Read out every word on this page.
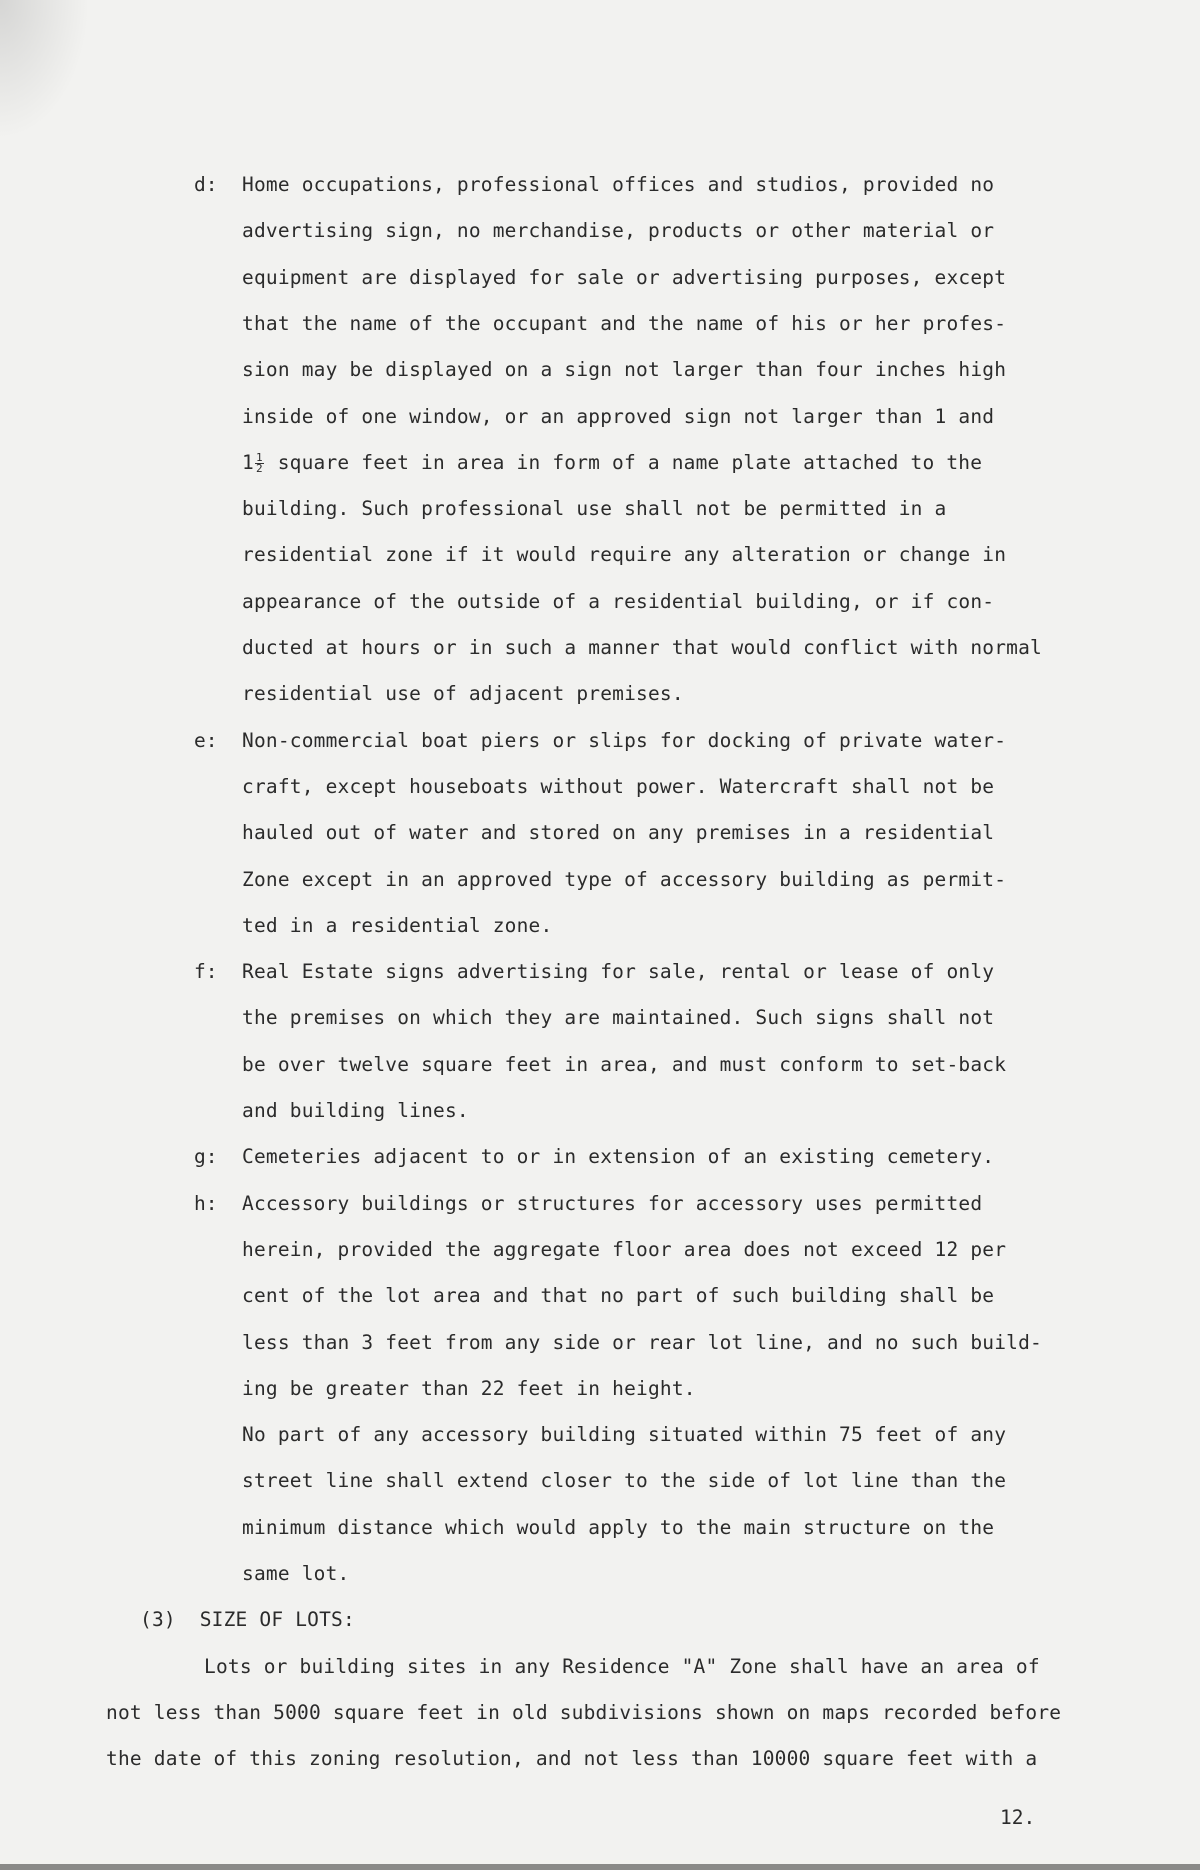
d: Home occupations, professional offices and studios, provided no
advertising sign, no merchandise, products or other material or
equipment are displayed for sale or advertising purposes, except
that the name of the occupant and the name of his or her profes-
sion may be displayed on a sign not larger than four inches high
inside of one window, or an approved sign not larger than 1 and
$1 \frac{1}{2}$ square feet in area in form of a name plate attached to the
building. Such professional use shall not be permitted in a
residential zone if it would require any alteration or change in
appearance of the outside of a residential building, or if con-
ducted at hours or in such a manner that would conflict with normal
residential use of adjacent premises.
e: Non-commercial boat piers or slips for docking of private water-
craft, except houseboats without power. Watercraft shall not be
hauled out of water and stored on any premises in a residential
Zone except in an approved type of accessory building as permit-
ted in a residential zone.
f: Real Estate signs advertising for sale, rental or lease of only
the premises on which they are maintained. Such signs shall not
be over twelve square feet in area, and must conform to set-back
and building lines.
g: Cemeteries adjacent to or in extension of an existing cemetery.
h: Accessory buildings or structures for accessory uses permitted
herein, provided the aggregate floor area does not exceed 12 per
cent of the lot area and that no part of such building shall be
less than 3 feet from any side or rear lot line, and no such build-
ing be greater than 22 feet in height.
No part of any accessory building situated within 75 feet of any
street line shall extend closer to the side of lot line than the
minimum distance which would apply to the main structure on the
same lot.
(3)  SIZE OF LOTS:
Lots or building sites in any Residence "A" Zone shall have an area of
not less than 5000 square feet in old subdivisions shown on maps recorded before
the date of this zoning resolution, and not less than 10000 square feet with a
12.
